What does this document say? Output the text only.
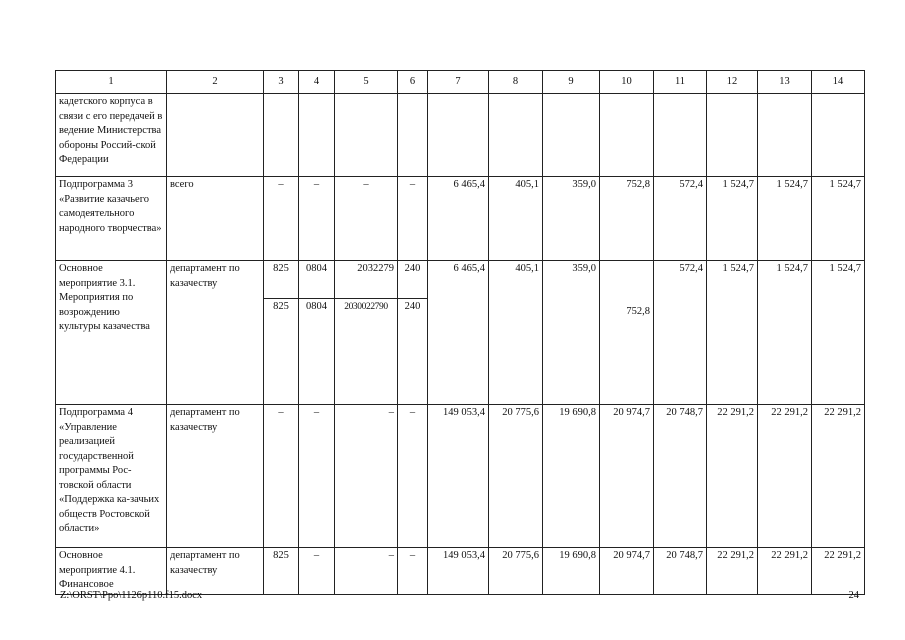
1	2	3	4	5	6	7	8	9	10	11	12	13	14
кадетского корпуса в связи с его передачей в ведение Министерства обороны Россий-ской Федерации													
Подпрограмма 3 «Развитие казачьего самодеятельного народного творчества»	всего	–	–	–	–	6 465,4	405,1	359,0	752,8	572,4	1 524,7	1 524,7	1 524,7
Основное мероприятие 3.1. Мероприятия по возрождению культуры казачества	департамент по казачеству	825	0804	2032279	240	6 465,4	405,1	359,0	752,8	572,4	1 524,7	1 524,7	1 524,7
		825	0804	2030022790	240								
Подпрограмма 4 «Управление реализацией государственной программы Рос-товской области «Поддержка ка-зачьих обществ Ростовской области»	департамент по казачеству	–	–	–	–	149 053,4	20 775,6	19 690,8	20 974,7	20 748,7	22 291,2	22 291,2	22 291,2
Основное мероприятие 4.1. Финансовое	департамент по казачеству	825	–	–	–	149 053,4	20 775,6	19 690,8	20 974,7	20 748,7	22 291,2	22 291,2	22 291,2
Z:\ORST\Ppo\1126p110.f15.docx	24
